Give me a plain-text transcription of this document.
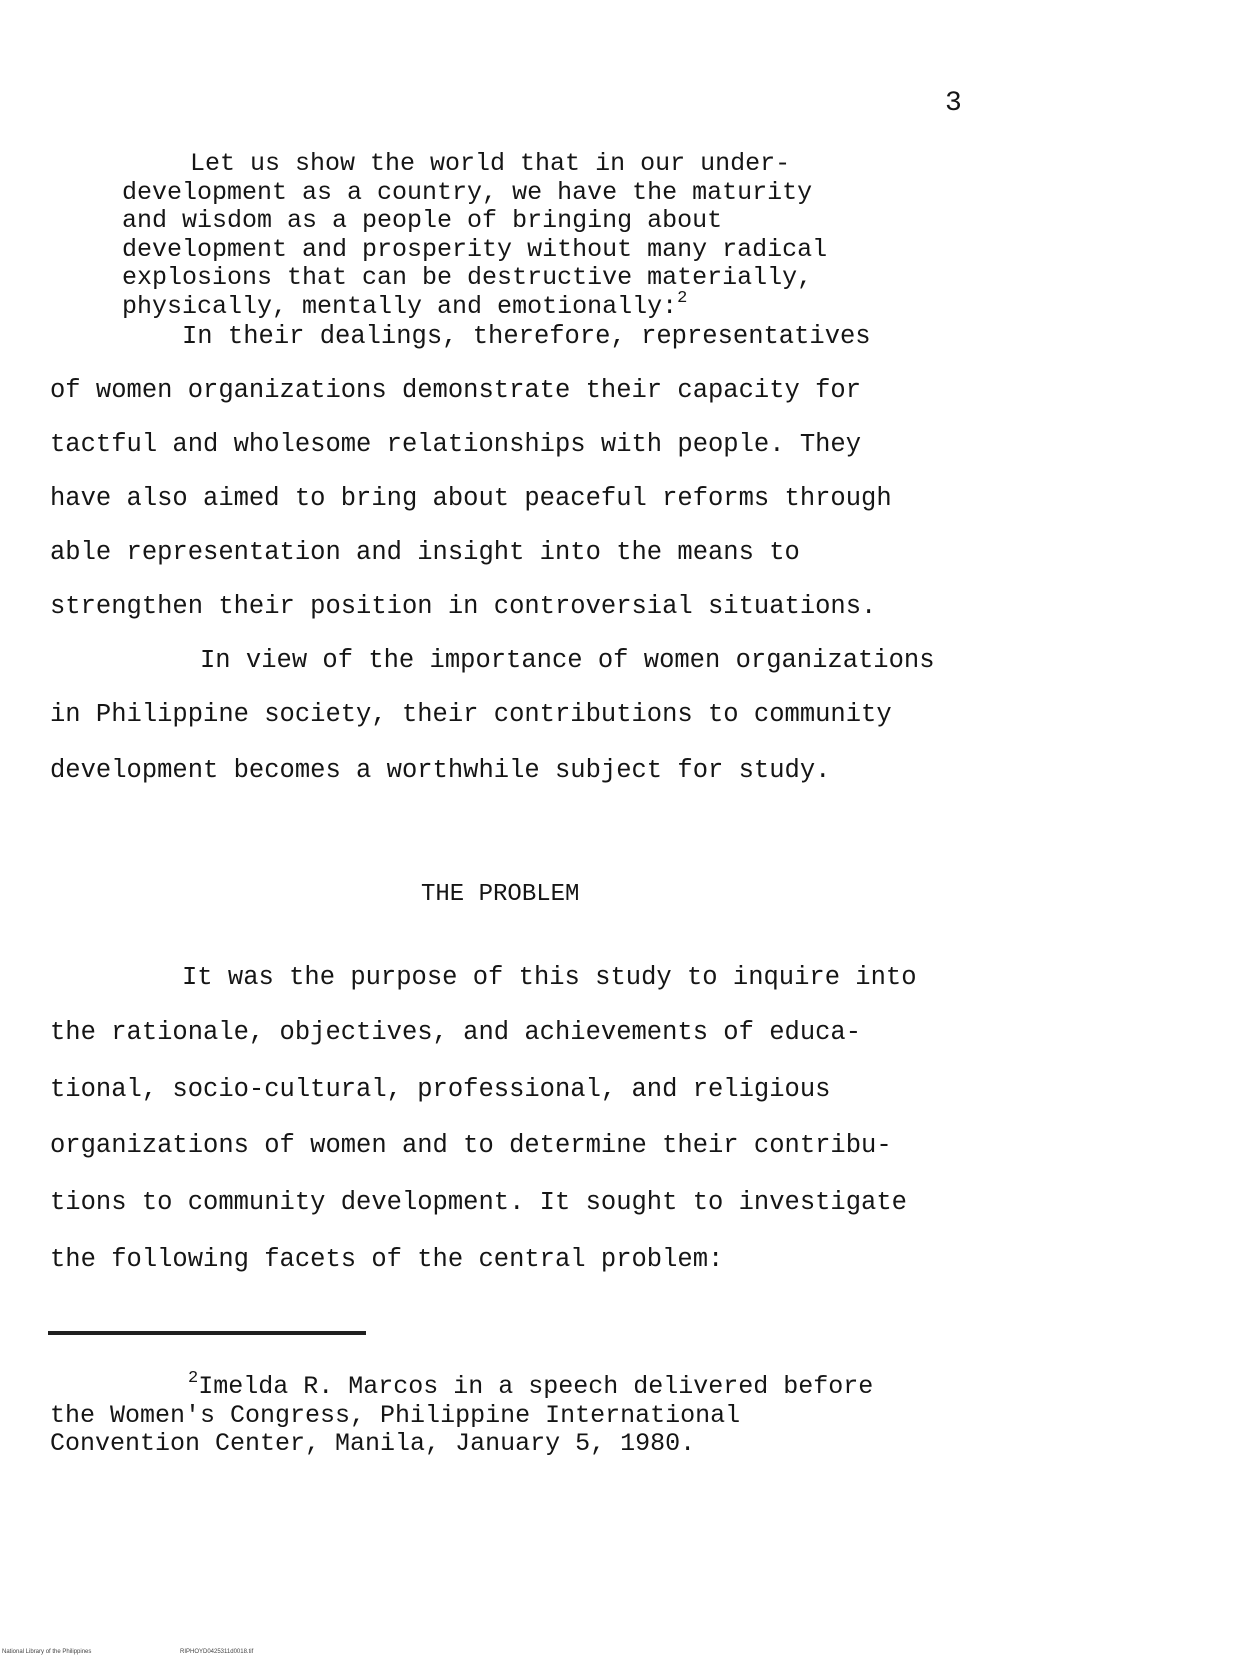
3
Let us show the world that in our under-
development as a country, we have the maturity
and wisdom as a people of bringing about
development and prosperity without many radical
explosions that can be destructive materially,
physically, mentally and emotionally:$^2$
In their dealings, therefore, representatives
of women organizations demonstrate their capacity for
tactful and wholesome relationships with people. They
have also aimed to bring about peaceful reforms through
able representation and insight into the means to
strengthen their position in controversial situations.
In view of the importance of women organizations
in Philippine society, their contributions to community
development becomes a worthwhile subject for study.
THE PROBLEM
It was the purpose of this study to inquire into
the rationale, objectives, and achievements of educa-
tional, socio-cultural, professional, and religious
organizations of women and to determine their contribu-
tions to community development. It sought to investigate
the following facets of the central problem:
$^2$Imelda R. Marcos in a speech delivered before
the Women's Congress, Philippine International
Convention Center, Manila, January 5, 1980.
National Library of the Philippines	RIPHOYD0425311d0018.tif
